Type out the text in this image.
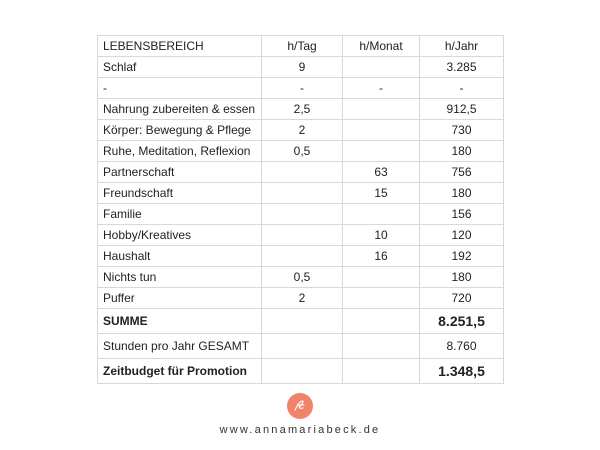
LEBENSBEREICH	h/Tag	h/Monat	h/Jahr
Schlaf	9		3.285
-	-	-	-
Nahrung zubereiten & essen	2,5		912,5
Körper: Bewegung & Pflege	2		730
Ruhe, Meditation, Reflexion	0,5		180
Partnerschaft		63	756
Freundschaft		15	180
Familie			156
Hobby/Kreatives		10	120
Haushalt		16	192
Nichts tun	0,5		180
Puffer	2		720
SUMME			8.251,5
Stunden pro Jahr GESAMT			8.760
Zeitbudget für Promotion			1.348,5
www.annamariabeck.de
